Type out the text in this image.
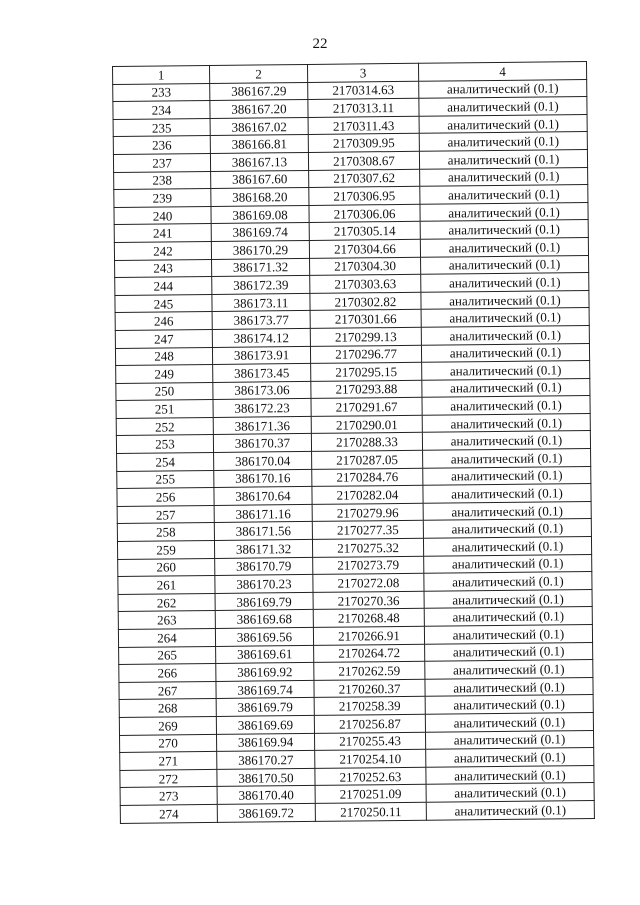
22
1	2	3	4
233	386167.29	2170314.63	аналитический (0.1)
234	386167.20	2170313.11	аналитический (0.1)
235	386167.02	2170311.43	аналитический (0.1)
236	386166.81	2170309.95	аналитический (0.1)
237	386167.13	2170308.67	аналитический (0.1)
238	386167.60	2170307.62	аналитический (0.1)
239	386168.20	2170306.95	аналитический (0.1)
240	386169.08	2170306.06	аналитический (0.1)
241	386169.74	2170305.14	аналитический (0.1)
242	386170.29	2170304.66	аналитический (0.1)
243	386171.32	2170304.30	аналитический (0.1)
244	386172.39	2170303.63	аналитический (0.1)
245	386173.11	2170302.82	аналитический (0.1)
246	386173.77	2170301.66	аналитический (0.1)
247	386174.12	2170299.13	аналитический (0.1)
248	386173.91	2170296.77	аналитический (0.1)
249	386173.45	2170295.15	аналитический (0.1)
250	386173.06	2170293.88	аналитический (0.1)
251	386172.23	2170291.67	аналитический (0.1)
252	386171.36	2170290.01	аналитический (0.1)
253	386170.37	2170288.33	аналитический (0.1)
254	386170.04	2170287.05	аналитический (0.1)
255	386170.16	2170284.76	аналитический (0.1)
256	386170.64	2170282.04	аналитический (0.1)
257	386171.16	2170279.96	аналитический (0.1)
258	386171.56	2170277.35	аналитический (0.1)
259	386171.32	2170275.32	аналитический (0.1)
260	386170.79	2170273.79	аналитический (0.1)
261	386170.23	2170272.08	аналитический (0.1)
262	386169.79	2170270.36	аналитический (0.1)
263	386169.68	2170268.48	аналитический (0.1)
264	386169.56	2170266.91	аналитический (0.1)
265	386169.61	2170264.72	аналитический (0.1)
266	386169.92	2170262.59	аналитический (0.1)
267	386169.74	2170260.37	аналитический (0.1)
268	386169.79	2170258.39	аналитический (0.1)
269	386169.69	2170256.87	аналитический (0.1)
270	386169.94	2170255.43	аналитический (0.1)
271	386170.27	2170254.10	аналитический (0.1)
272	386170.50	2170252.63	аналитический (0.1)
273	386170.40	2170251.09	аналитический (0.1)
274	386169.72	2170250.11	аналитический (0.1)
